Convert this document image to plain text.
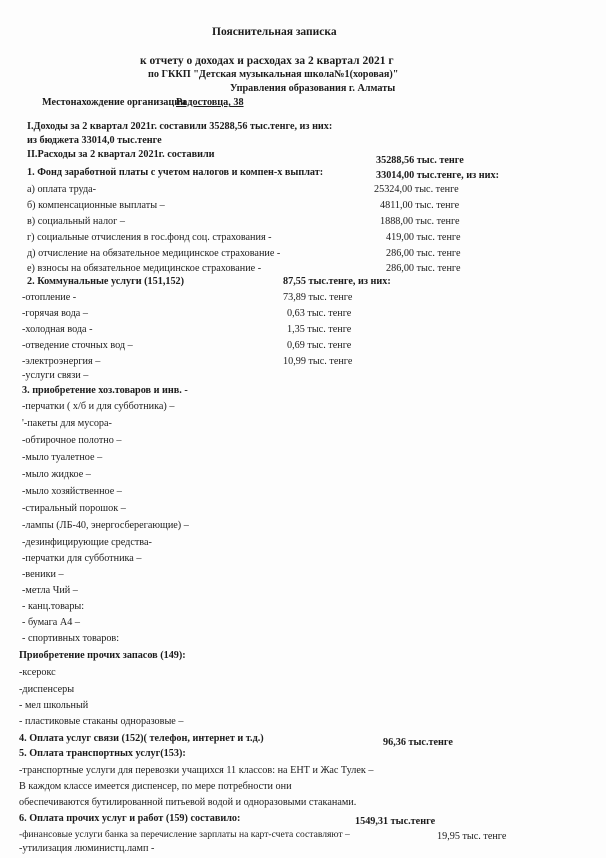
Пояснительная записка
к отчету о доходах и расходах за 2 квартал 2021 г
по ГККП "Детская музыкальная школа№1(хоровая)"
Управления образования г. Алматы
Местонахождение организации
Радостовца, 38
I.Доходы за 2 квартал 2021г. составили 35288,56 тыс.тенге, из них:
из бюджета 33014,0 тыс.тенге
II.Расходы за 2 квартал 2021г. составили
35288,56 тыс. тенге
1. Фонд заработной платы с учетом налогов и компен-х выплат:	33014,00 тыс.тенге, из них:
а) оплата труда-	25324,00 тыс. тенге
б) компенсационные выплаты –	4811,00 тыс. тенге
в) социальный налог –	1888,00 тыс. тенге
г) социальные отчисления в гос.фонд соц. страхования -	419,00 тыс. тенге
д) отчисление на обязательное медицинское страхование -	286,00 тыс. тенге
е) взносы на обязательное медицинское страхование -	286,00 тыс. тенге
2. Коммунальные услуги (151,152)	87,55 тыс.тенге, из них:
-отопление -	73,89 тыс. тенге
-горячая вода –	0,63 тыс. тенге
-холодная вода -	1,35 тыс. тенге
-отведение сточных вод –	0,69 тыс. тенге
-электроэнергия –	10,99 тыс. тенге
-услуги связи –
3. приобретение хоз.товаров и инв. -
-перчатки ( х/б и для субботника) –
'-пакеты для мусора-
-обтирочное полотно –
-мыло туалетное –
-мыло жидкое –
-мыло хозяйственное –
-стиральный порошок –
-лампы (ЛБ-40, энергосберегающие) –
-дезинфицирующие средства-
-перчатки для субботника –
-веники –
-метла Чий –
- канц.товары:
- бумага А4 –
- спортивных товаров:
Приобретение прочих запасов (149):
-ксерокс
-диспенсеры
- мел школьный
- пластиковые стаканы одноразовые –
4. Оплата услуг связи (152)( телефон, интернет и т.д.)	96,36 тыс.тенге
5. Оплата транспортных услуг(153):
-транспортные услуги для перевозки учащихся 11 классов: на ЕНТ и Жас Тулек –
В каждом классе имеется диспенсер, по мере потребности они
обеспечиваются бутилированной питьевой водой и одноразовыми стаканами.
6. Оплата прочих услуг и работ (159) составило:	1549,31 тыс.тенге
-финансовые услуги банка за перечисление зарплаты на карт-счета составляют –	19,95 тыс. тенге
-утилизация люминистц.ламп -
